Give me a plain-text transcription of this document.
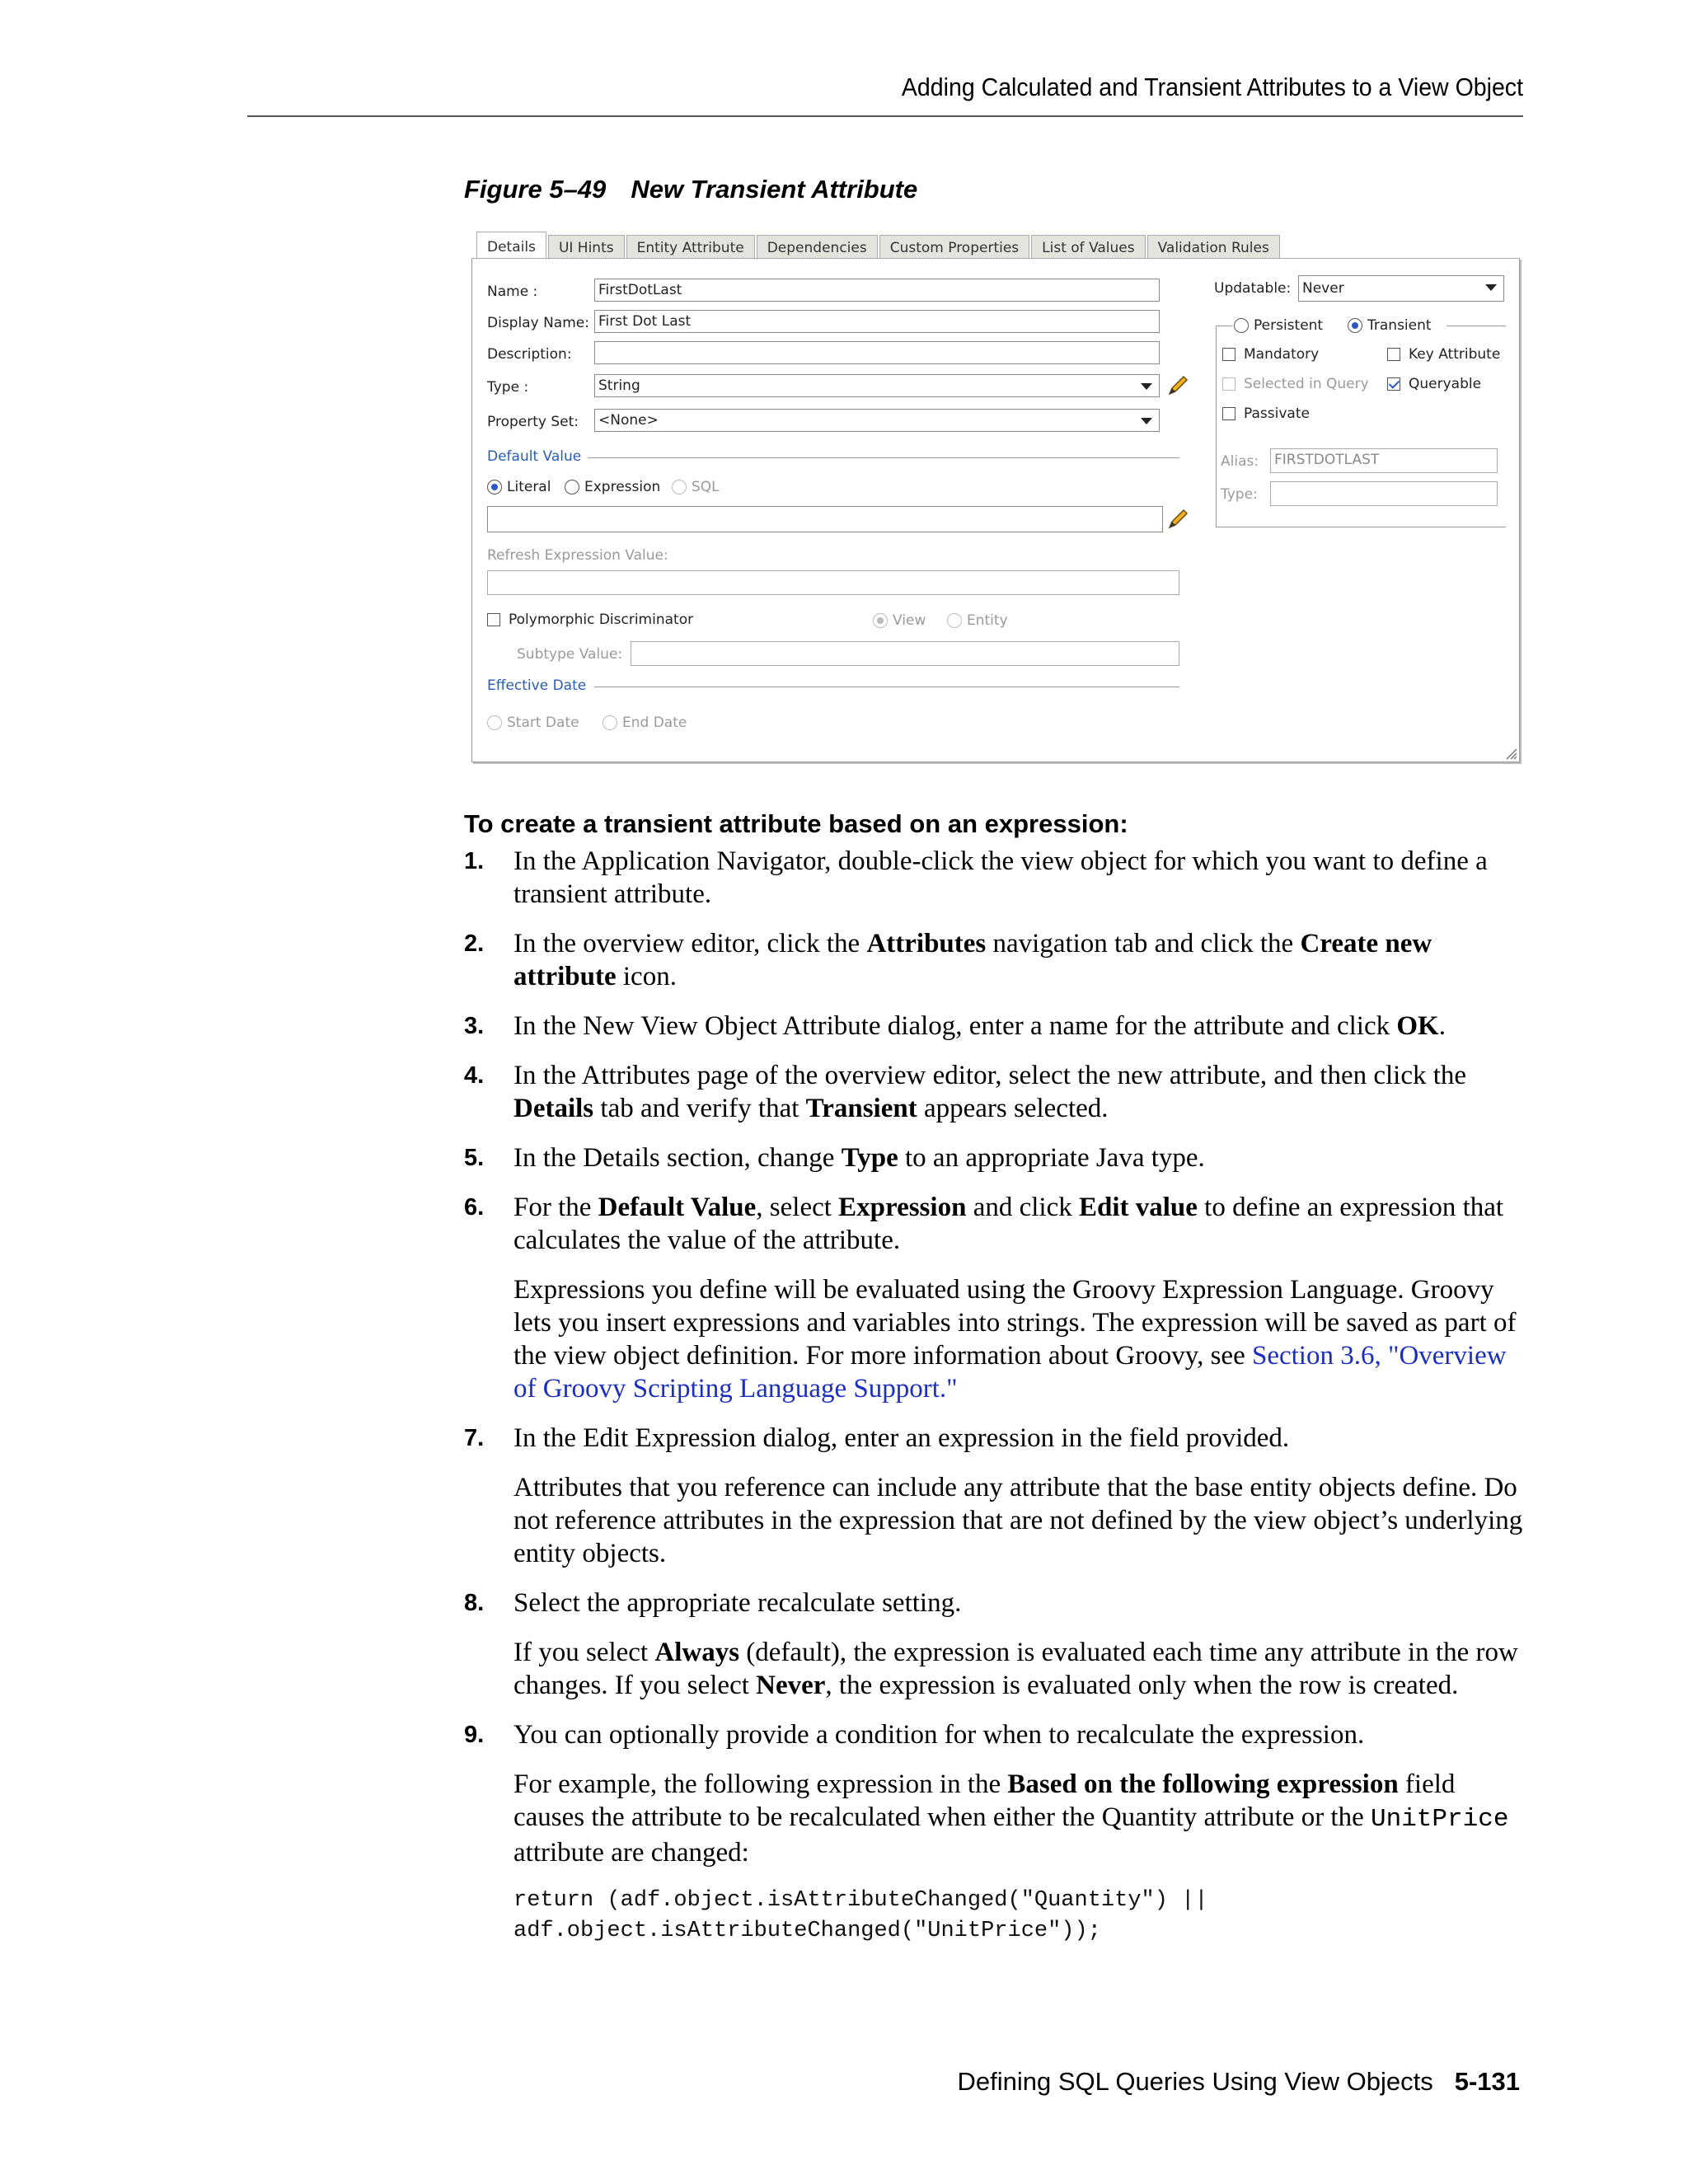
Adding Calculated and Transient Attributes to a View Object
Figure 5–49 New Transient Attribute
Details	UI Hints	Entity Attribute	Dependencies	Custom Properties	List of Values	Validation Rules
Name :	FirstDotLast
Display Name: First Dot Last
Description:
Type :	String
Property Set: <None>
Default Value
Literal Expression SQL
Refresh Expression Value:
Polymorphic Discriminator	View	Entity
Subtype Value:
Effective Date
Start Date	End Date
Updatable: Never
Persistent	Transient
Mandatory	Key Attribute
Selected in Query	Queryable
Passivate
Alias: FIRSTDOTLAST
Type:
To create a transient attribute based on an expression:
1. In the Application Navigator, double-click the view object for which you want to define a transient attribute.
2. In the overview editor, click the Attributes navigation tab and click the Create new attribute icon.
3. In the New View Object Attribute dialog, enter a name for the attribute and click OK.
4. In the Attributes page of the overview editor, select the new attribute, and then click the Details tab and verify that Transient appears selected.
5. In the Details section, change Type to an appropriate Java type.
6. For the Default Value, select Expression and click Edit value to define an expression that calculates the value of the attribute.
Expressions you define will be evaluated using the Groovy Expression Language. Groovy lets you insert expressions and variables into strings. The expression will be saved as part of the view object definition. For more information about Groovy, see Section 3.6, "Overview of Groovy Scripting Language Support."
7. In the Edit Expression dialog, enter an expression in the field provided.
Attributes that you reference can include any attribute that the base entity objects define. Do not reference attributes in the expression that are not defined by the view object’s underlying entity objects.
8. Select the appropriate recalculate setting.
If you select Always (default), the expression is evaluated each time any attribute in the row changes. If you select Never, the expression is evaluated only when the row is created.
9. You can optionally provide a condition for when to recalculate the expression.
For example, the following expression in the Based on the following expression field causes the attribute to be recalculated when either the Quantity attribute or the UnitPrice attribute are changed:
return (adf.object.isAttributeChanged("Quantity") ||
adf.object.isAttributeChanged("UnitPrice"));
Defining SQL Queries Using View Objects 5-131
